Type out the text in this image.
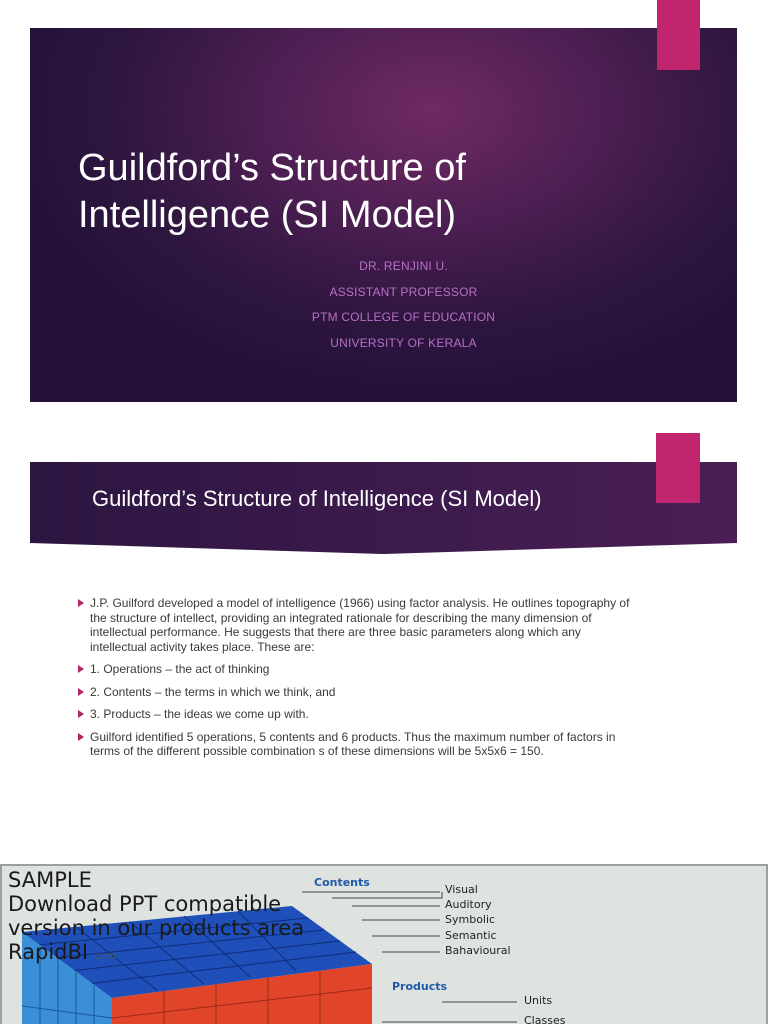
Guildford’s Structure of
Intelligence (SI Model)
DR. RENJINI U.
ASSISTANT PROFESSOR
PTM COLLEGE OF EDUCATION
UNIVERSITY OF KERALA
Guildford’s Structure of Intelligence (SI Model)
J.P. Guilford developed a model of intelligence (1966) using factor analysis. He outlines topography of the structure of intellect, providing an integrated rationale for describing the many dimension of intellectual performance. He suggests that there are three basic parameters along which any intellectual activity takes place. These are:
1. Operations – the act of thinking
2. Contents – the terms in which we think, and
3. Products – the ideas we come up with.
Guilford identified 5 operations, 5 contents and 6 products. Thus the maximum number of factors in terms of the different possible combination s of these dimensions will be 5x5x6 = 150.
SAMPLE
Download PPT compatible
version in our products area
RapidBI com
Contents
Visual
Auditory
Symbolic
Semantic
Bahavioural
Products
Units
Classes
